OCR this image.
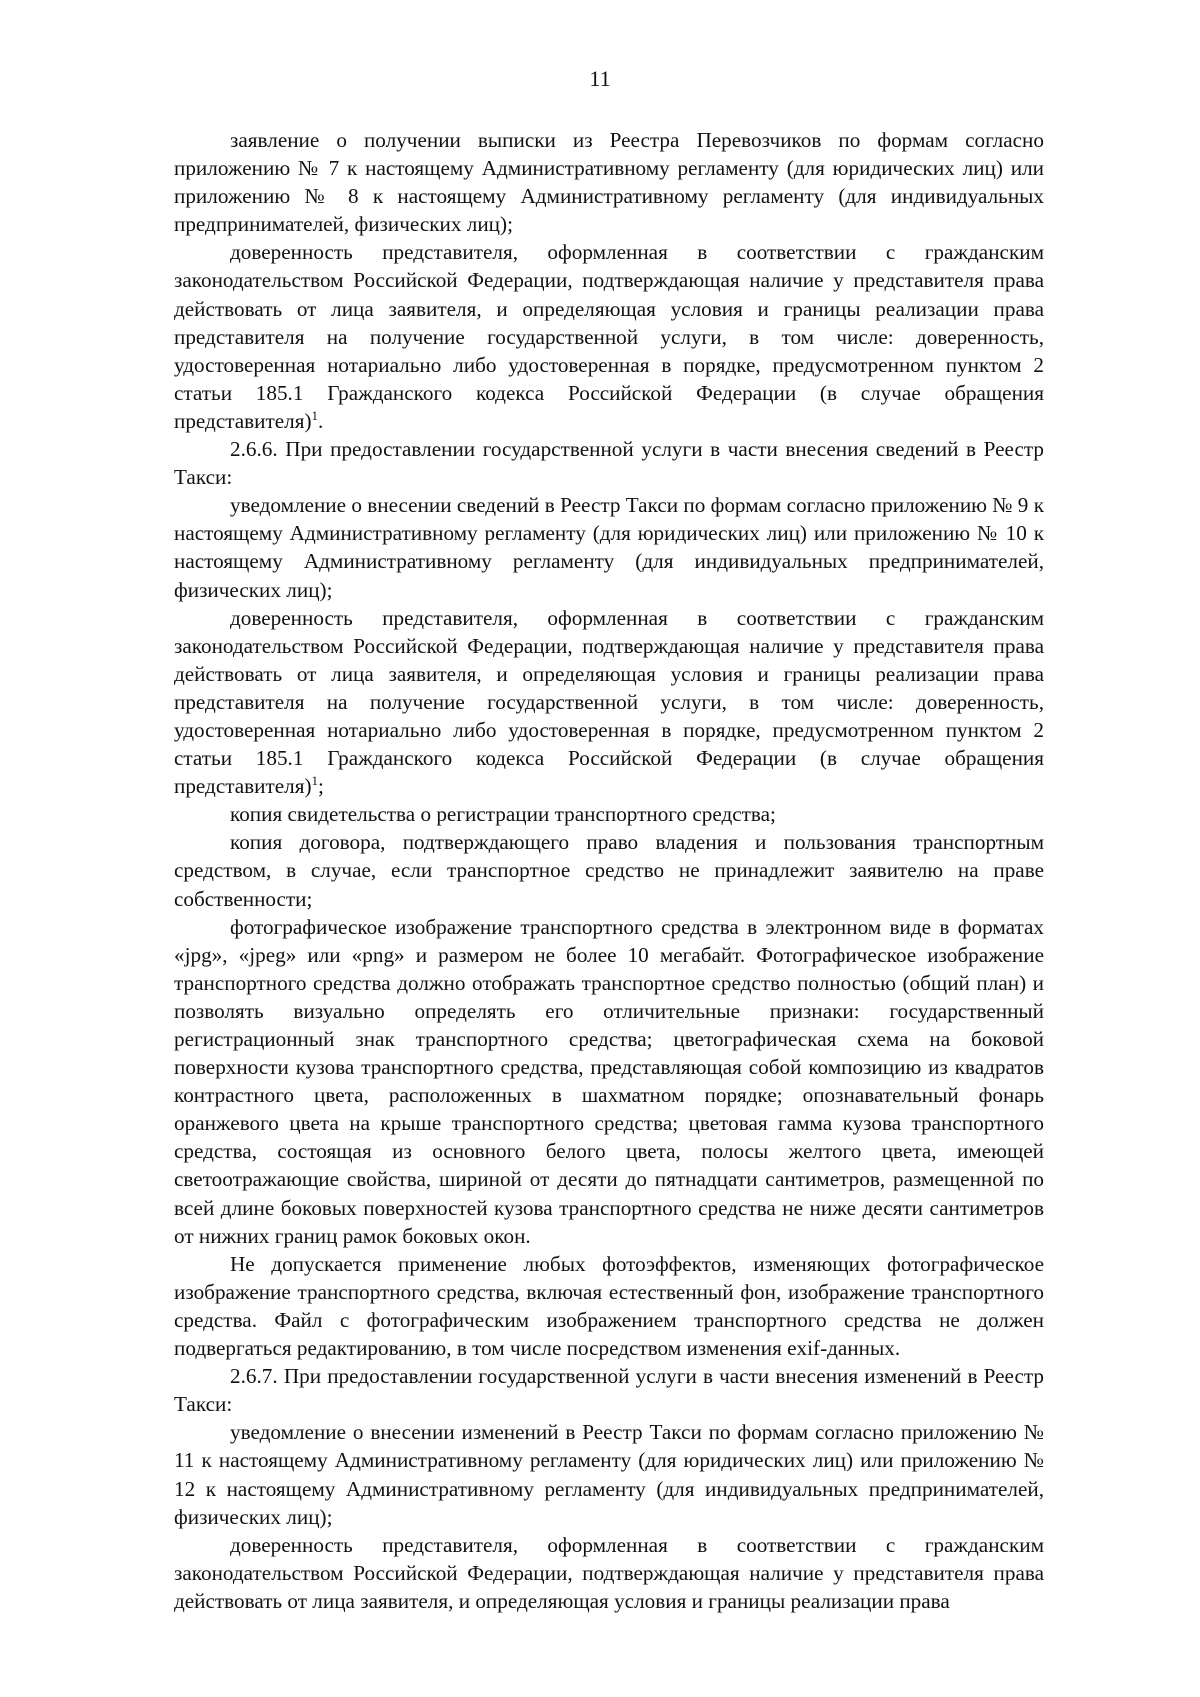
11

заявление о получении выписки из Реестра Перевозчиков по формам согласно приложению № 7 к настоящему Административному регламенту (для юридических лиц) или приложению № 8 к настоящему Административному регламенту (для индивидуальных предпринимателей, физических лиц);

доверенность представителя, оформленная в соответствии с гражданским законодательством Российской Федерации, подтверждающая наличие у представителя права действовать от лица заявителя, и определяющая условия и границы реализации права представителя на получение государственной услуги, в том числе: доверенность, удостоверенная нотариально либо удостоверенная в порядке, предусмотренном пунктом 2 статьи 185.1 Гражданского кодекса Российской Федерации (в случае обращения представителя)$^1$.

2.6.6. При предоставлении государственной услуги в части внесения сведений в Реестр Такси:

уведомление о внесении сведений в Реестр Такси по формам согласно приложению № 9 к настоящему Административному регламенту (для юридических лиц) или приложению № 10 к настоящему Административному регламенту (для индивидуальных предпринимателей, физических лиц);

доверенность представителя, оформленная в соответствии с гражданским законодательством Российской Федерации, подтверждающая наличие у представителя права действовать от лица заявителя, и определяющая условия и границы реализации права представителя на получение государственной услуги, в том числе: доверенность, удостоверенная нотариально либо удостоверенная в порядке, предусмотренном пунктом 2 статьи 185.1 Гражданского кодекса Российской Федерации (в случае обращения представителя)$^1$;

копия свидетельства о регистрации транспортного средства;

копия договора, подтверждающего право владения и пользования транспортным средством, в случае, если транспортное средство не принадлежит заявителю на праве собственности;

фотографическое изображение транспортного средства в электронном виде в форматах «jpg», «jpeg» или «png» и размером не более 10 мегабайт. Фотографическое изображение транспортного средства должно отображать транспортное средство полностью (общий план) и позволять визуально определять его отличительные признаки: государственный регистрационный знак транспортного средства; цветографическая схема на боковой поверхности кузова транспортного средства, представляющая собой композицию из квадратов контрастного цвета, расположенных в шахматном порядке; опознавательный фонарь оранжевого цвета на крыше транспортного средства; цветовая гамма кузова транспортного средства, состоящая из основного белого цвета, полосы желтого цвета, имеющей светоотражающие свойства, шириной от десяти до пятнадцати сантиметров, размещенной по всей длине боковых поверхностей кузова транспортного средства не ниже десяти сантиметров от нижних границ рамок боковых окон.

Не допускается применение любых фотоэффектов, изменяющих фотографическое изображение транспортного средства, включая естественный фон, изображение транспортного средства. Файл с фотографическим изображением транспортного средства не должен подвергаться редактированию, в том числе посредством изменения exif-данных.

2.6.7. При предоставлении государственной услуги в части внесения изменений в Реестр Такси:

уведомление о внесении изменений в Реестр Такси по формам согласно приложению № 11 к настоящему Административному регламенту (для юридических лиц) или приложению № 12 к настоящему Административному регламенту (для индивидуальных предпринимателей, физических лиц);

доверенность представителя, оформленная в соответствии с гражданским законодательством Российской Федерации, подтверждающая наличие у представителя права действовать от лица заявителя, и определяющая условия и границы реализации права
